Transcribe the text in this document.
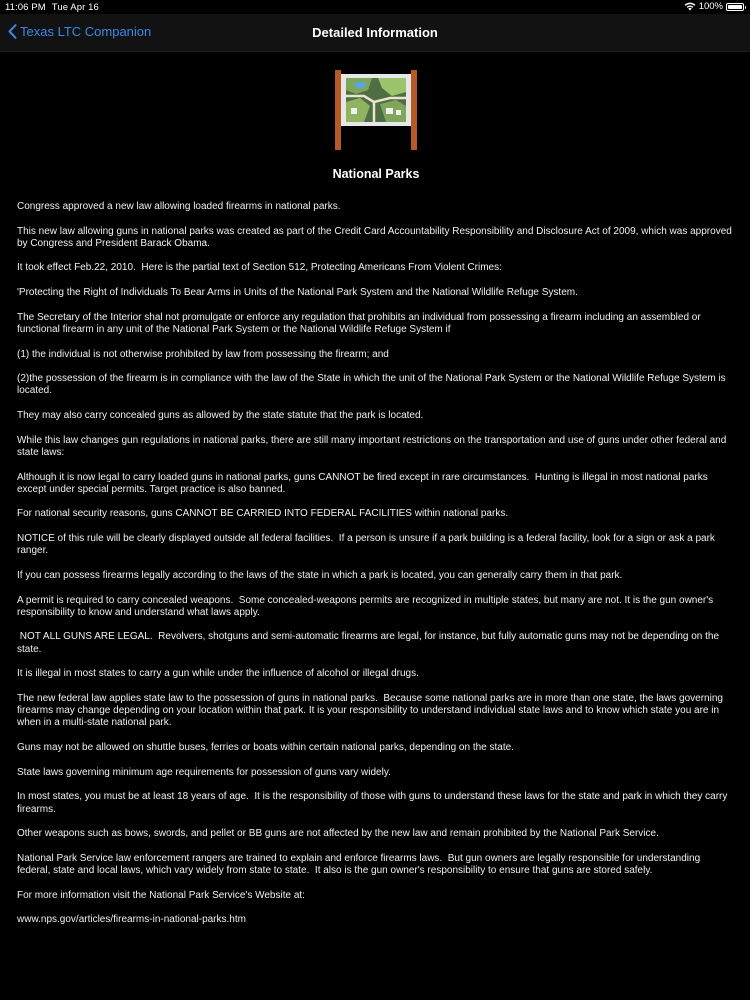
11:06 PM Tue Apr 16	100%
Texas LTC Companion	Detailed Information
National Parks

Congress approved a new law allowing loaded firearms in national parks.

This new law allowing guns in national parks was created as part of the Credit Card Accountability Responsibility and Disclosure Act of 2009, which was approved by Congress and President Barack Obama.

It took effect Feb.22, 2010.  Here is the partial text of Section 512, Protecting Americans From Violent Crimes:

'Protecting the Right of Individuals To Bear Arms in Units of the National Park System and the National Wildlife Refuge System.

The Secretary of the Interior shal not promulgate or enforce any regulation that prohibits an individual from possessing a firearm including an assembled or functional firearm in any unit of the National Park System or the National Wildlife Refuge System if

(1) the individual is not otherwise prohibited by law from possessing the firearm; and

(2)the possession of the firearm is in compliance with the law of the State in which the unit of the National Park System or the National Wildlife Refuge System is located.

They may also carry concealed guns as allowed by the state statute that the park is located.

While this law changes gun regulations in national parks, there are still many important restrictions on the transportation and use of guns under other federal and state laws:

Although it is now legal to carry loaded guns in national parks, guns CANNOT be fired except in rare circumstances.  Hunting is illegal in most national parks except under special permits. Target practice is also banned.

For national security reasons, guns CANNOT BE CARRIED INTO FEDERAL FACILITIES within national parks.

NOTICE of this rule will be clearly displayed outside all federal facilities.  If a person is unsure if a park building is a federal facility, look for a sign or ask a park ranger.

If you can possess firearms legally according to the laws of the state in which a park is located, you can generally carry them in that park.

A permit is required to carry concealed weapons.  Some concealed-weapons permits are recognized in multiple states, but many are not. It is the gun owner's responsibility to know and understand what laws apply.

NOT ALL GUNS ARE LEGAL.  Revolvers, shotguns and semi-automatic firearms are legal, for instance, but fully automatic guns may not be depending on the state.

It is illegal in most states to carry a gun while under the influence of alcohol or illegal drugs.

The new federal law applies state law to the possession of guns in national parks.  Because some national parks are in more than one state, the laws governing firearms may change depending on your location within that park. It is your responsibility to understand individual state laws and to know which state you are in when in a multi-state national park.

Guns may not be allowed on shuttle buses, ferries or boats within certain national parks, depending on the state.

State laws governing minimum age requirements for possession of guns vary widely.

In most states, you must be at least 18 years of age.  It is the responsibility of those with guns to understand these laws for the state and park in which they carry firearms.

Other weapons such as bows, swords, and pellet or BB guns are not affected by the new law and remain prohibited by the National Park Service.

National Park Service law enforcement rangers are trained to explain and enforce firearms laws.  But gun owners are legally responsible for understanding federal, state and local laws, which vary widely from state to state.  It also is the gun owner's responsibility to ensure that guns are stored safely.

For more information visit the National Park Service's Website at:

www.nps.gov/articles/firearms-in-national-parks.htm
